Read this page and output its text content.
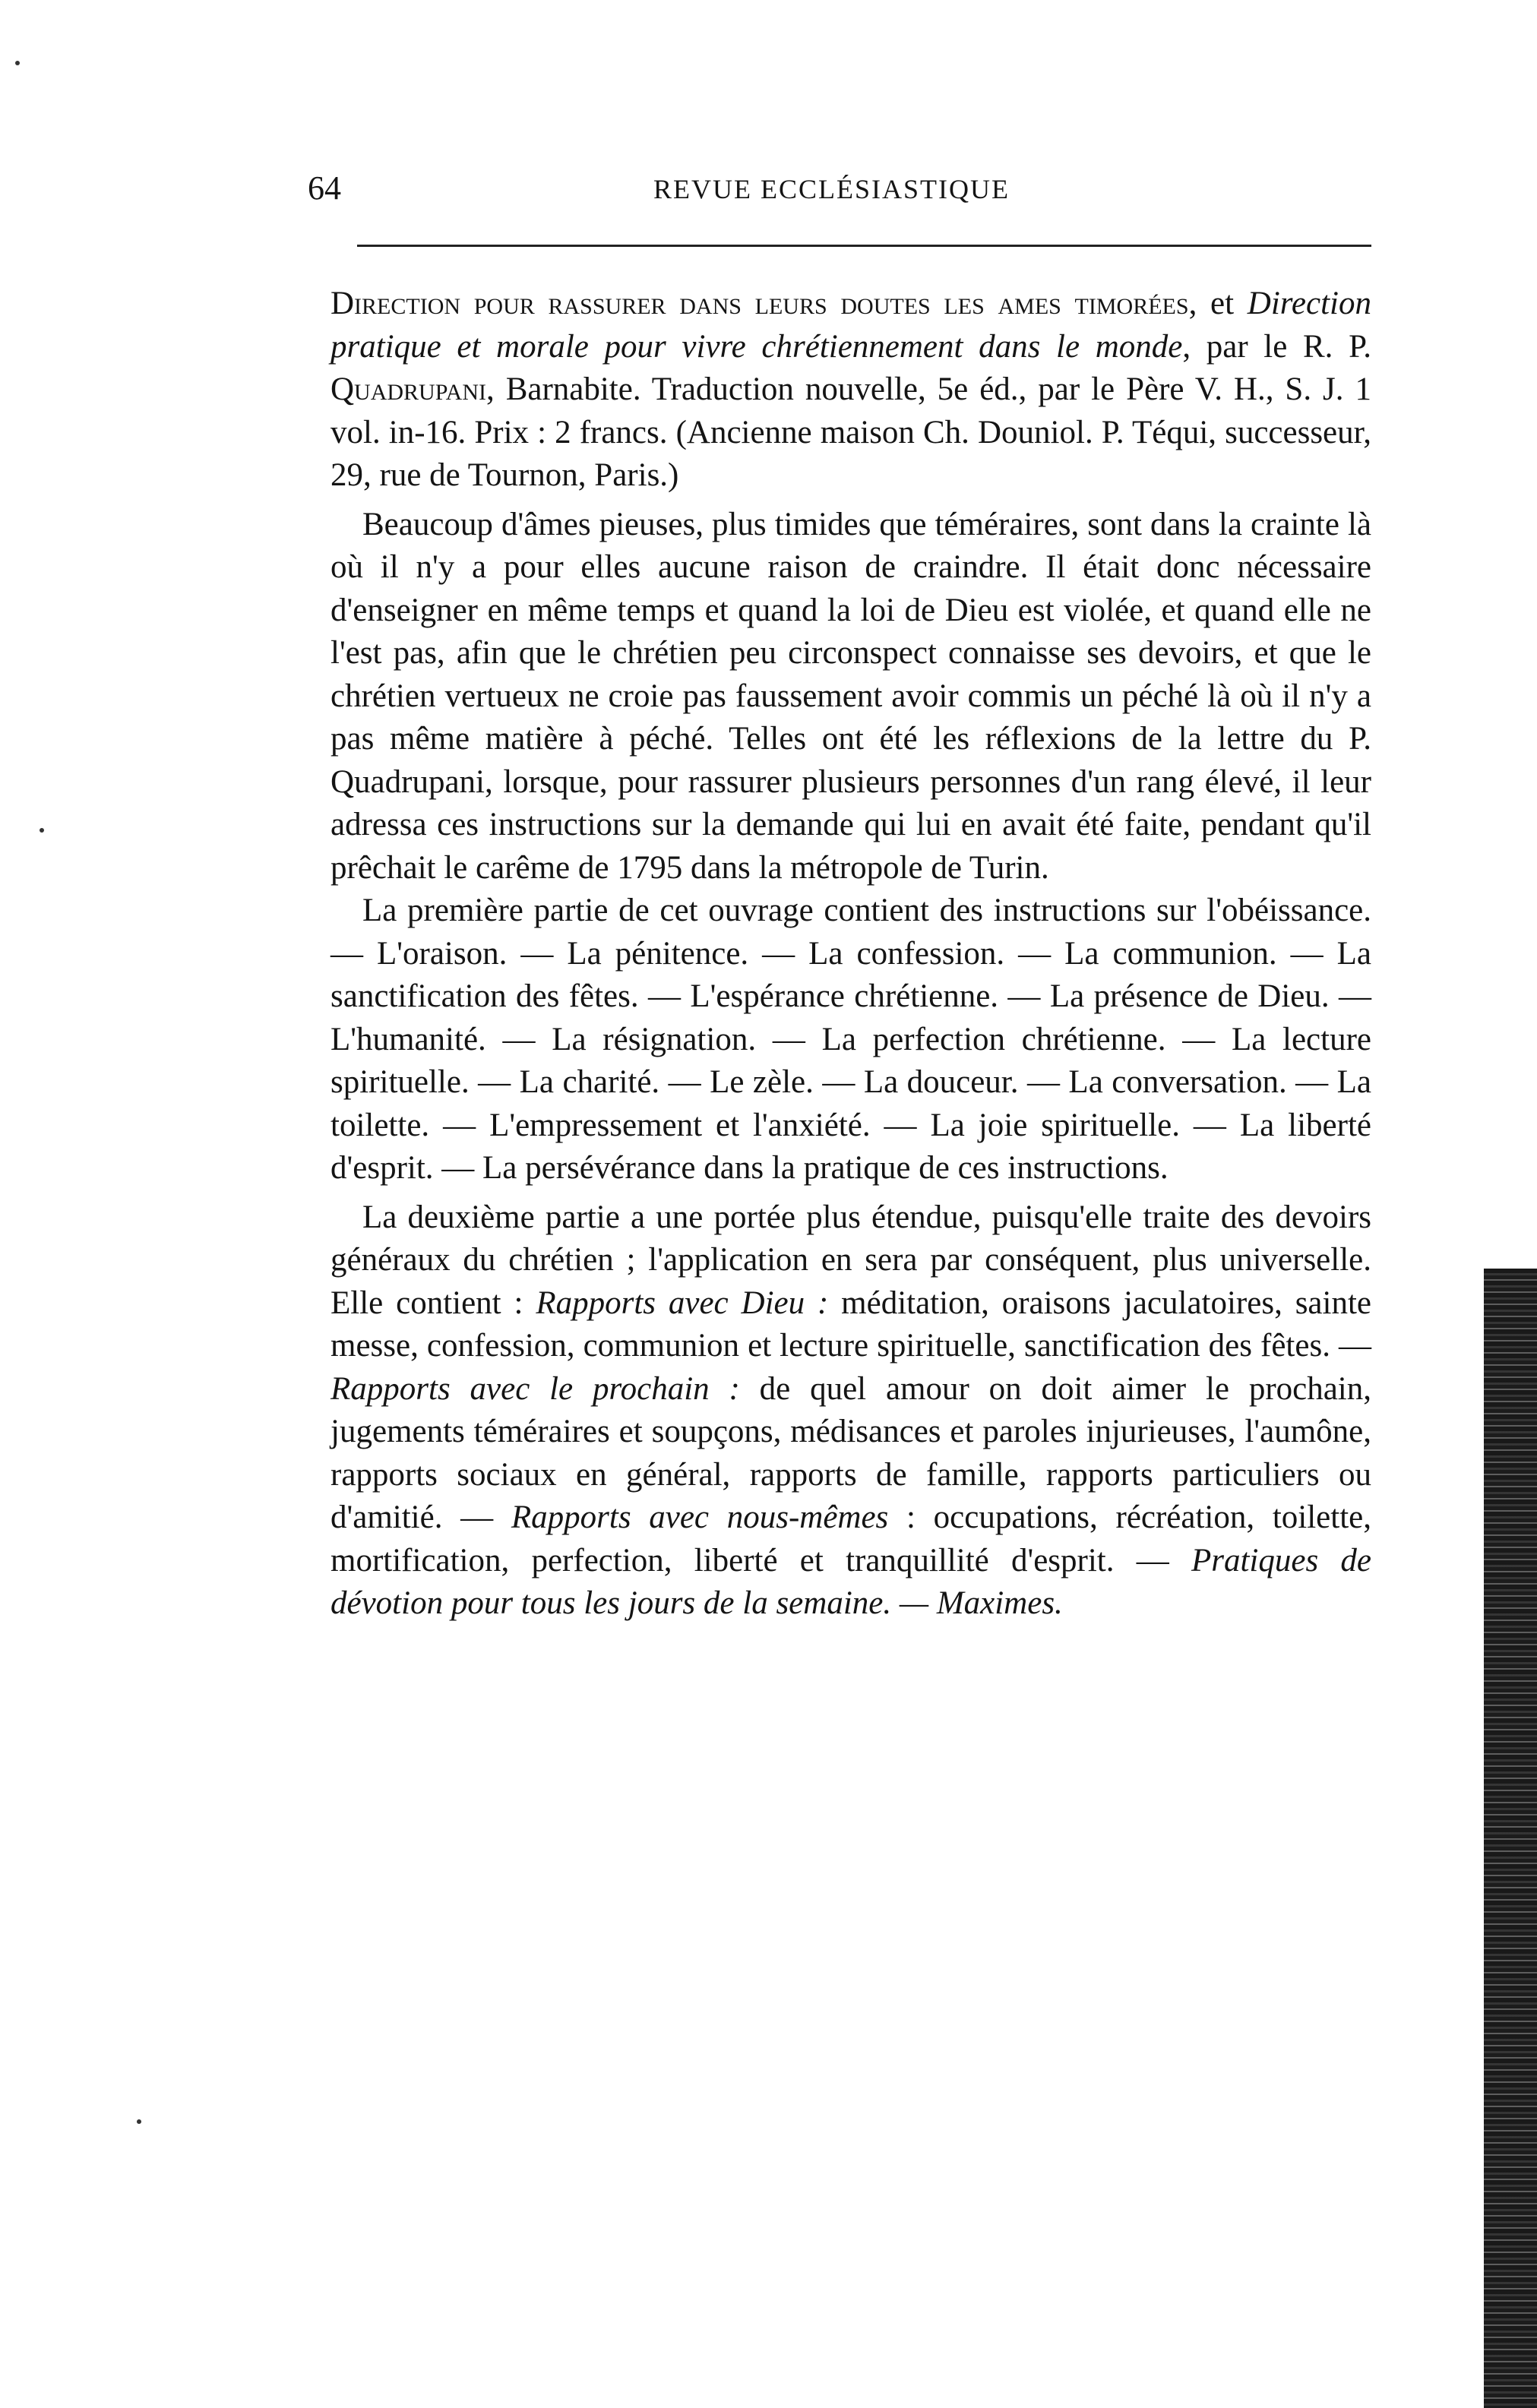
64	REVUE ECCLÉSIASTIQUE

Direction pour rassurer dans leurs doutes les ames timorées, et Direction pratique et morale pour vivre chrétiennement dans le monde, par le R. P. Quadrupani, Barnabite. Traduction nouvelle, 5e éd., par le Père V. H., S. J. 1 vol. in-16. Prix : 2 francs. (Ancienne maison Ch. Douniol. P. Téqui, successeur, 29, rue de Tournon, Paris.)

Beaucoup d'âmes pieuses, plus timides que téméraires, sont dans la crainte là où il n'y a pour elles aucune raison de craindre. Il était donc nécessaire d'enseigner en même temps et quand la loi de Dieu est violée, et quand elle ne l'est pas, afin que le chrétien peu circonspect connaisse ses devoirs, et que le chrétien vertueux ne croie pas faussement avoir commis un péché là où il n'y a pas même matière à péché. Telles ont été les réflexions de la lettre du P. Quadrupani, lorsque, pour rassurer plusieurs personnes d'un rang élevé, il leur adressa ces instructions sur la demande qui lui en avait été faite, pendant qu'il prêchait le carême de 1795 dans la métropole de Turin.

La première partie de cet ouvrage contient des instructions sur l'obéissance. — L'oraison. — La pénitence. — La confession. — La communion. — La sanctification des fêtes. — L'espérance chrétienne. — La présence de Dieu. — L'humanité. — La résignation. — La perfection chrétienne. — La lecture spirituelle. — La charité. — Le zèle. — La douceur. — La conversation. — La toilette. — L'empressement et l'anxiété. — La joie spirituelle. — La liberté d'esprit. — La persévérance dans la pratique de ces instructions.

La deuxième partie a une portée plus étendue, puisqu'elle traite des devoirs généraux du chrétien ; l'application en sera par conséquent, plus universelle. Elle contient : Rapports avec Dieu : méditation, oraisons jaculatoires, sainte messe, confession, communion et lecture spirituelle, sanctification des fêtes. — Rapports avec le prochain : de quel amour on doit aimer le prochain, jugements téméraires et soupçons, médisances et paroles injurieuses, l'aumône, rapports sociaux en général, rapports de famille, rapports particuliers ou d'amitié. — Rapports avec nous-mêmes : occupations, récréation, toilette, mortification, perfection, liberté et tranquillité d'esprit. — Pratiques de dévotion pour tous les jours de la semaine. — Maximes.
